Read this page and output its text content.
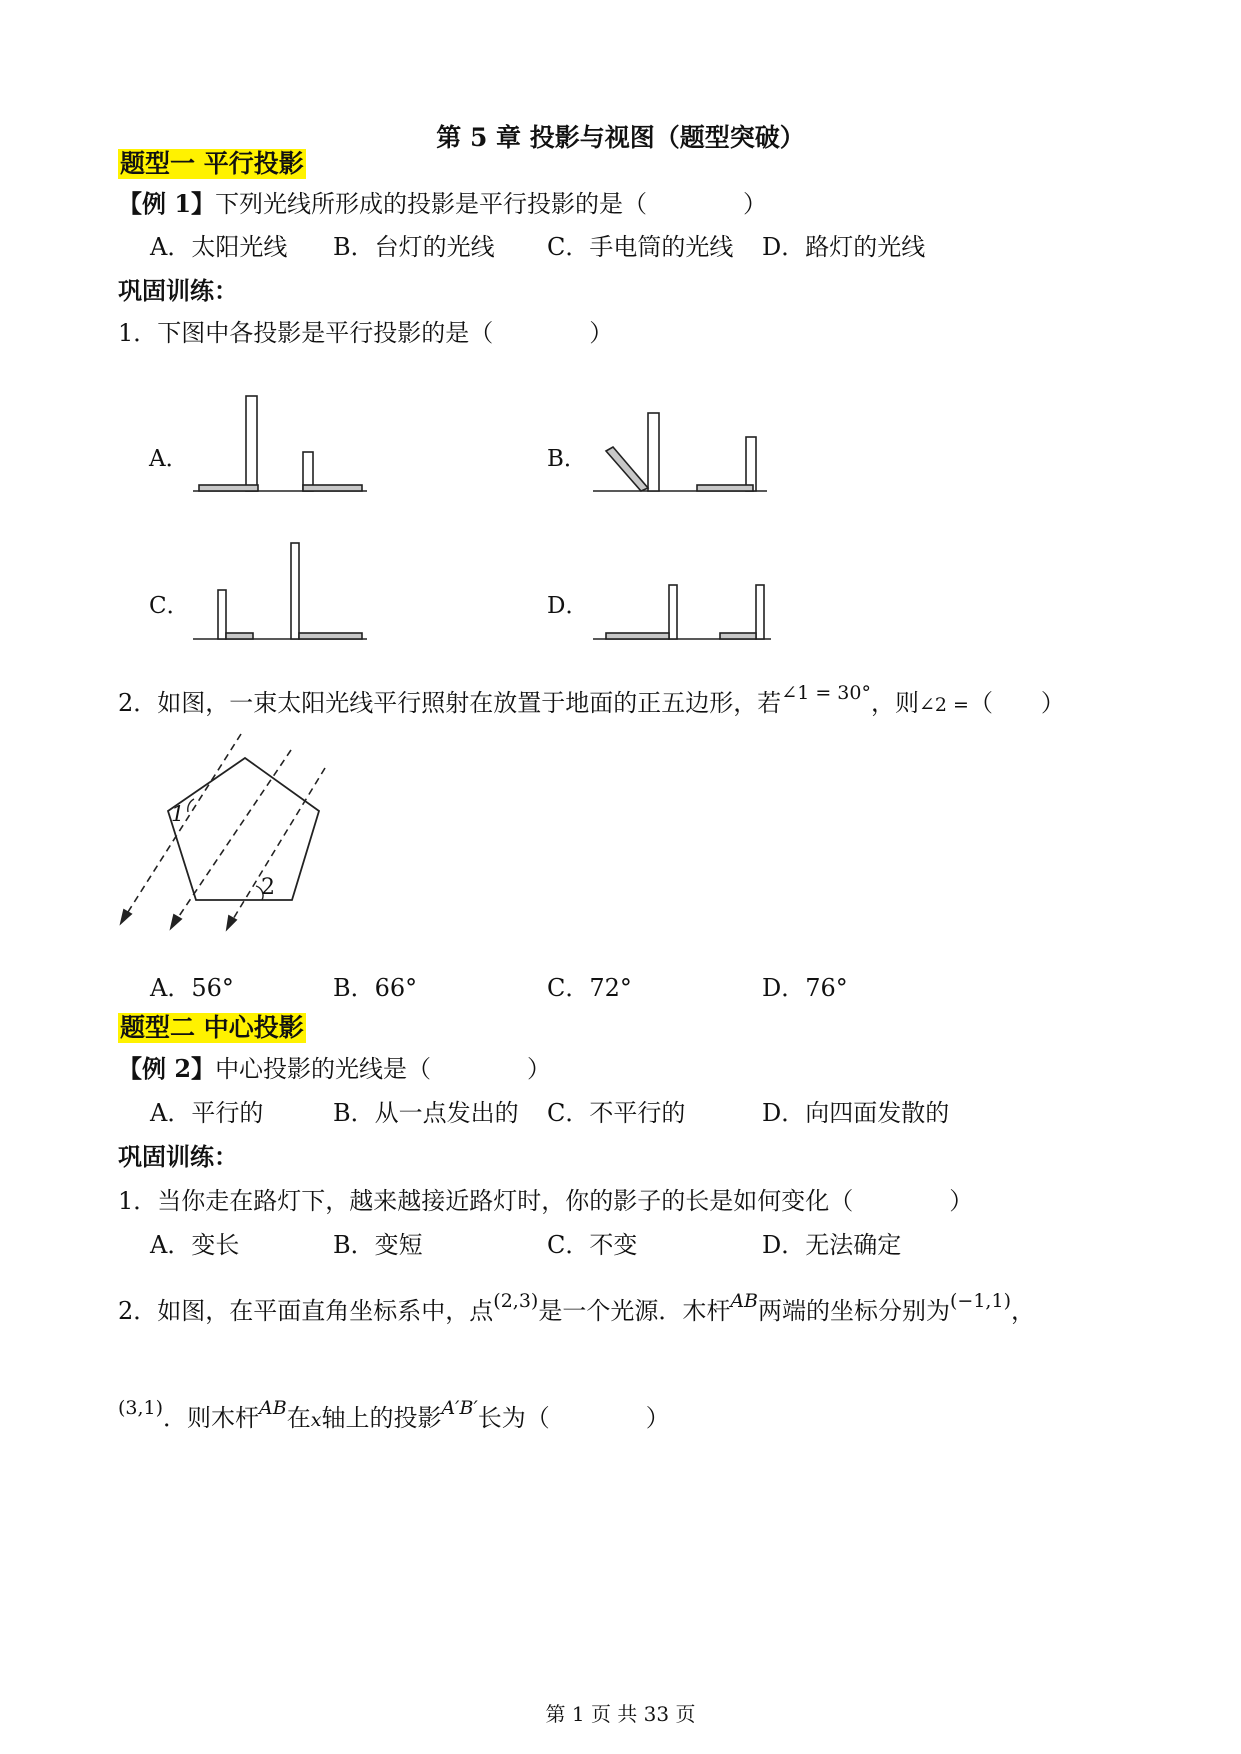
第 5 章 投影与视图（题型突破）
题型一 平行投影
【例 1】下列光线所形成的投影是平行投影的是（　　　　）
A．太阳光线 B．台灯的光线 C．手电筒的光线 D．路灯的光线
巩固训练：
1．下图中各投影是平行投影的是（　　　　）
A．	B．
C．	D．
1
2
2．如图，一束太阳光线平行照射在放置于地面的正五边形，若$^{\angle 1 = 30^\circ}$，则∠2 =（　　）
A．56°	B．66°	C．72°	D．76°
题型二 中心投影
【例 2】中心投影的光线是（　　　　）
A．平行的	B．从一点发出的 C．不平行的	D．向四面发散的
巩固训练：
1．当你走在路灯下，越来越接近路灯时，你的影子的长是如何变化（　　　　）
A．变长	B．变短	C．不变	D．无法确定
2．如图，在平面直角坐标系中，点$^{(2,3)}$是一个光源．木杆$^{AB}$两端的坐标分别为$^{(-1,1)}$，
$^{(3,1)}$．则木杆$^{AB}$在x轴上的投影$^{A'B'}$长为（　　　　）
第 1 页 共 33 页
